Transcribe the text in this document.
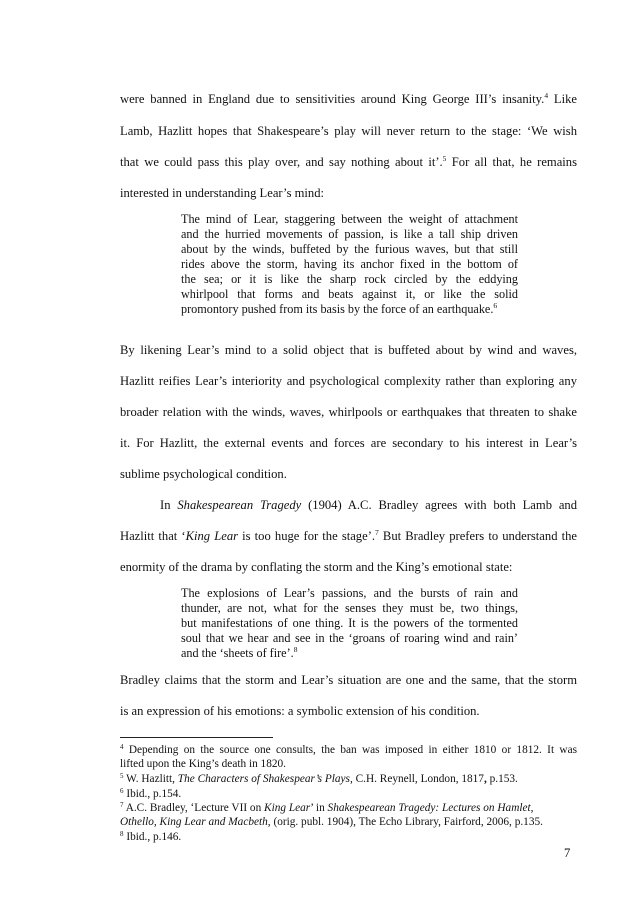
were banned in England due to sensitivities around King George III’s insanity.$^4$ Like
Lamb, Hazlitt hopes that Shakespeare’s play will never return to the stage: ‘We wish
that we could pass this play over, and say nothing about it’.$^5$ For all that, he remains
interested in understanding Lear’s mind:
The mind of Lear, staggering between the weight of attachment
and the hurried movements of passion, is like a tall ship driven
about by the winds, buffeted by the furious waves, but that still
rides above the storm, having its anchor fixed in the bottom of
the sea; or it is like the sharp rock circled by the eddying
whirlpool that forms and beats against it, or like the solid
promontory pushed from its basis by the force of an earthquake.$^6$
By likening Lear’s mind to a solid object that is buffeted about by wind and waves,
Hazlitt reifies Lear’s interiority and psychological complexity rather than exploring any
broader relation with the winds, waves, whirlpools or earthquakes that threaten to shake
it. For Hazlitt, the external events and forces are secondary to his interest in Lear’s
sublime psychological condition.
In Shakespearean Tragedy (1904) A.C. Bradley agrees with both Lamb and
Hazlitt that ‘King Lear is too huge for the stage’.$^7$ But Bradley prefers to understand the
enormity of the drama by conflating the storm and the King’s emotional state:
The explosions of Lear’s passions, and the bursts of rain and
thunder, are not, what for the senses they must be, two things,
but manifestations of one thing. It is the powers of the tormented
soul that we hear and see in the ‘groans of roaring wind and rain’
and the ‘sheets of fire’.$^8$
Bradley claims that the storm and Lear’s situation are one and the same, that the storm
is an expression of his emotions: a symbolic extension of his condition.
$^4$ Depending on the source one consults, the ban was imposed in either 1810 or 1812. It was
lifted upon the King’s death in 1820.
$^5$ W. Hazlitt, The Characters of Shakespear’s Plays, C.H. Reynell, London, 1817, p.153.
$^6$ Ibid., p.154.
$^7$ A.C. Bradley, ‘Lecture VII on King Lear’ in Shakespearean Tragedy: Lectures on Hamlet,
Othello, King Lear and Macbeth, (orig. publ. 1904), The Echo Library, Fairford, 2006, p.135.
$^8$ Ibid., p.146.
7
